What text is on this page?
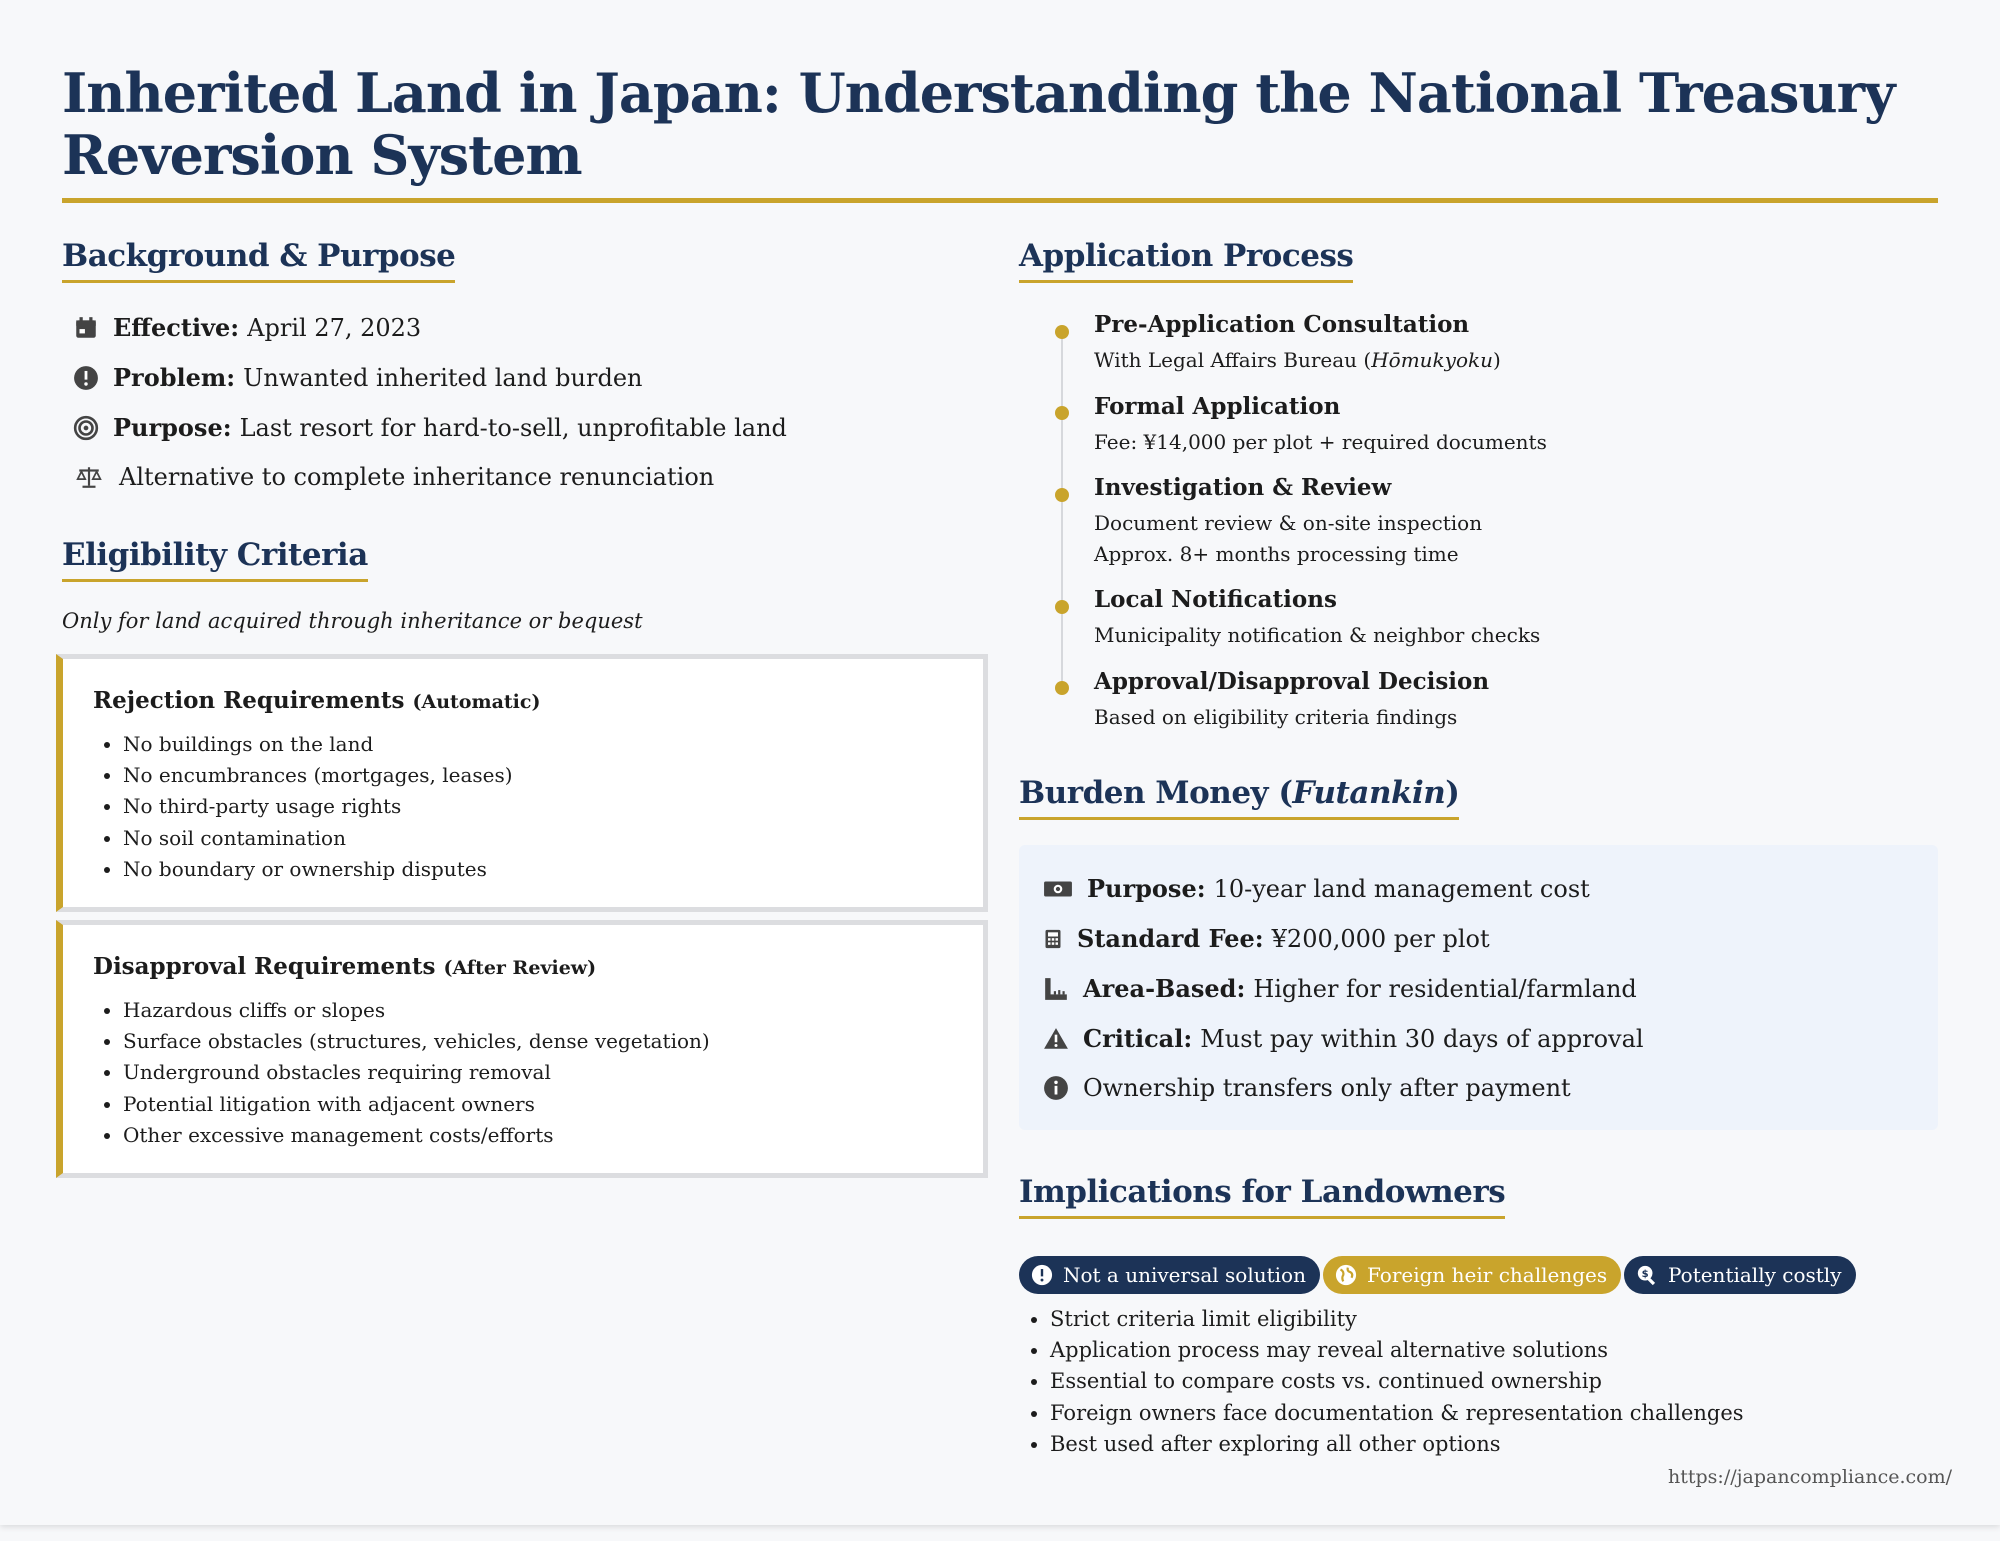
Inherited Land in Japan: Understanding the National Treasury Reversion System
Background & Purpose
Effective: April 27, 2023
Problem: Unwanted inherited land burden
Purpose: Last resort for hard-to-sell, unprofitable land
Alternative to complete inheritance renunciation
Eligibility Criteria
Only for land acquired through inheritance or bequest
Rejection Requirements (Automatic)
• No buildings on the land
• No encumbrances (mortgages, leases)
• No third-party usage rights
• No soil contamination
• No boundary or ownership disputes
Disapproval Requirements (After Review)
• Hazardous cliffs or slopes
• Surface obstacles (structures, vehicles, dense vegetation)
• Underground obstacles requiring removal
• Potential litigation with adjacent owners
• Other excessive management costs/efforts
Application Process
Pre-Application Consultation
With Legal Affairs Bureau (Hōmukyoku)
Formal Application
Fee: ¥14,000 per plot + required documents
Investigation & Review
Document review & on-site inspection
Approx. 8+ months processing time
Local Notifications
Municipality notification & neighbor checks
Approval/Disapproval Decision
Based on eligibility criteria findings
Burden Money (Futankin)
Purpose: 10-year land management cost
Standard Fee: ¥200,000 per plot
Area-Based: Higher for residential/farmland
Critical: Must pay within 30 days of approval
Ownership transfers only after payment
Implications for Landowners
Not a universal solution	Foreign heir challenges	$ Potentially costly
• Strict criteria limit eligibility
• Application process may reveal alternative solutions
• Essential to compare costs vs. continued ownership
• Foreign owners face documentation & representation challenges
• Best used after exploring all other options
https://japancompliance.com/
